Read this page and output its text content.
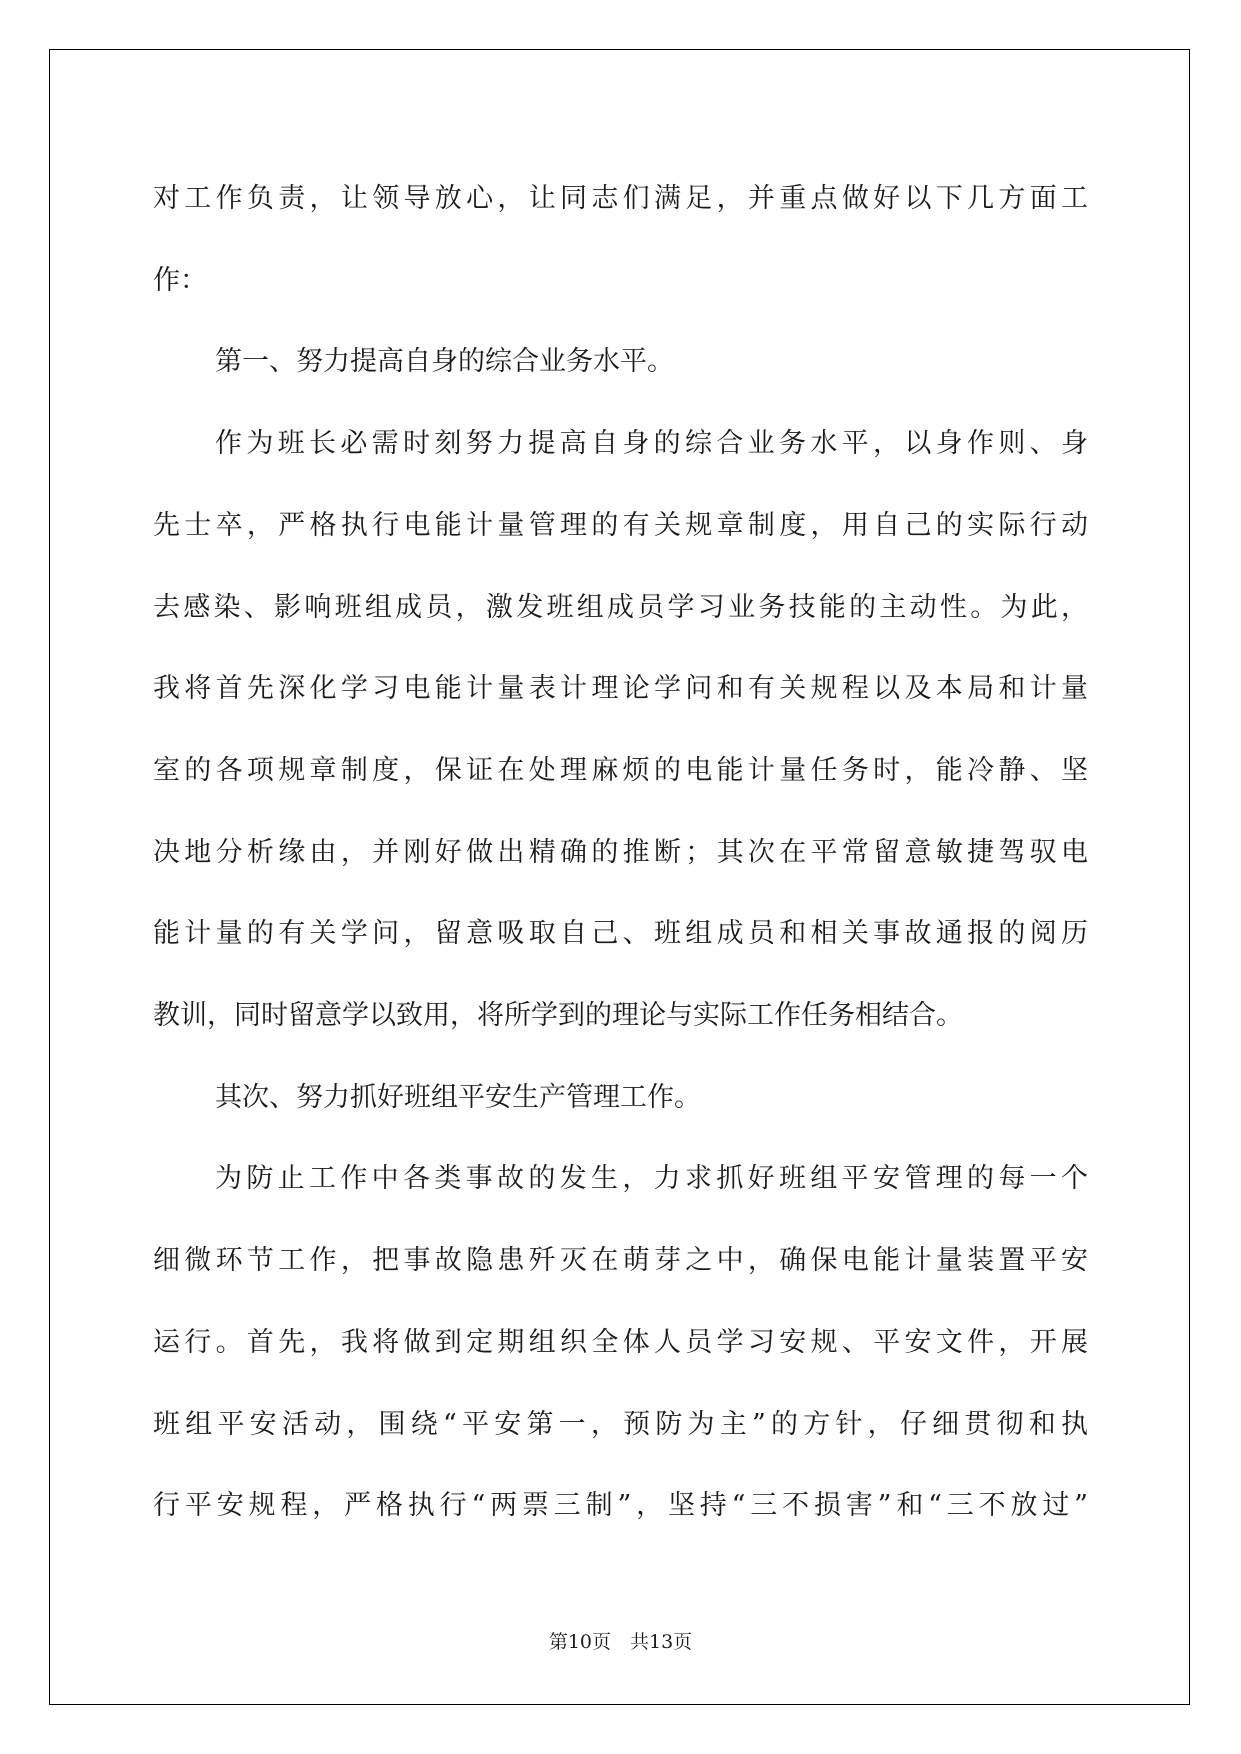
对工作负责，让领导放心，让同志们满足，并重点做好以下几方面工

作：

第一、努力提高自身的综合业务水平。

作为班长必需时刻努力提高自身的综合业务水平，以身作则、身

先士卒，严格执行电能计量管理的有关规章制度，用自己的实际行动

去感染、影响班组成员，激发班组成员学习业务技能的主动性。为此，

我将首先深化学习电能计量表计理论学问和有关规程以及本局和计量

室的各项规章制度，保证在处理麻烦的电能计量任务时，能冷静、坚

决地分析缘由，并刚好做出精确的推断；其次在平常留意敏捷驾驭电

能计量的有关学问，留意吸取自己、班组成员和相关事故通报的阅历

教训，同时留意学以致用，将所学到的理论与实际工作任务相结合。

其次、努力抓好班组平安生产管理工作。

为防止工作中各类事故的发生，力求抓好班组平安管理的每一个

细微环节工作，把事故隐患歼灭在萌芽之中，确保电能计量装置平安

运行。首先，我将做到定期组织全体人员学习安规、平安文件，开展

班组平安活动，围绕“平安第一，预防为主”的方针，仔细贯彻和执

行平安规程，严格执行“两票三制”，坚持“三不损害”和“三不放过”

第10页　共13页
